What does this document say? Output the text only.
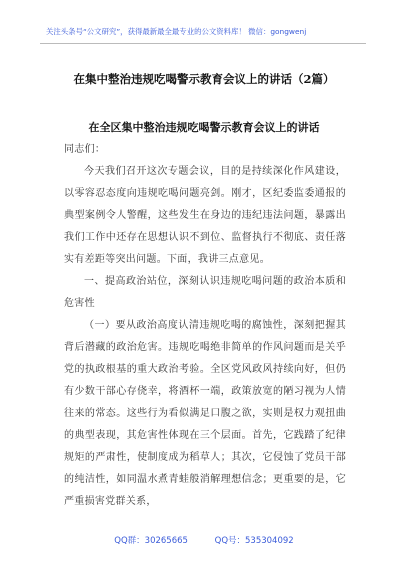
关注头条号“公文研究”，获得最新最全最专业的公文资料库！ 微信：gongwenj
在集中整治违规吃喝警示教育会议上的讲话（2篇）
在全区集中整治违规吃喝警示教育会议上的讲话

同志们：

今天我们召开这次专题会议，目的是持续深化作风建设，以零容忍态度向违规吃喝问题亮剑。刚才，区纪委监委通报的典型案例令人警醒，这些发生在身边的违纪违法问题，暴露出我们工作中还存在思想认识不到位、监督执行不彻底、责任落实有差距等突出问题。下面，我讲三点意见。

一、提高政治站位，深刻认识违规吃喝问题的政治本质和危害性

（一）要从政治高度认清违规吃喝的腐蚀性，深刻把握其背后潜藏的政治危害。违规吃喝绝非简单的作风问题而是关乎党的执政根基的重大政治考验。全区党风政风持续向好，但仍有少数干部心存侥幸，将酒杯一端，政策放宽的陋习视为人情往来的常态。这些行为看似满足口腹之欲，实则是权力观扭曲的典型表现，其危害性体现在三个层面。首先，它践踏了纪律规矩的严肃性，使制度成为稻草人；其次，它侵蚀了党员干部的纯洁性，如同温水煮青蛙般消解理想信念；更重要的是，它严重损害党群关系，

QQ群：30265665	QQ号：535304092
